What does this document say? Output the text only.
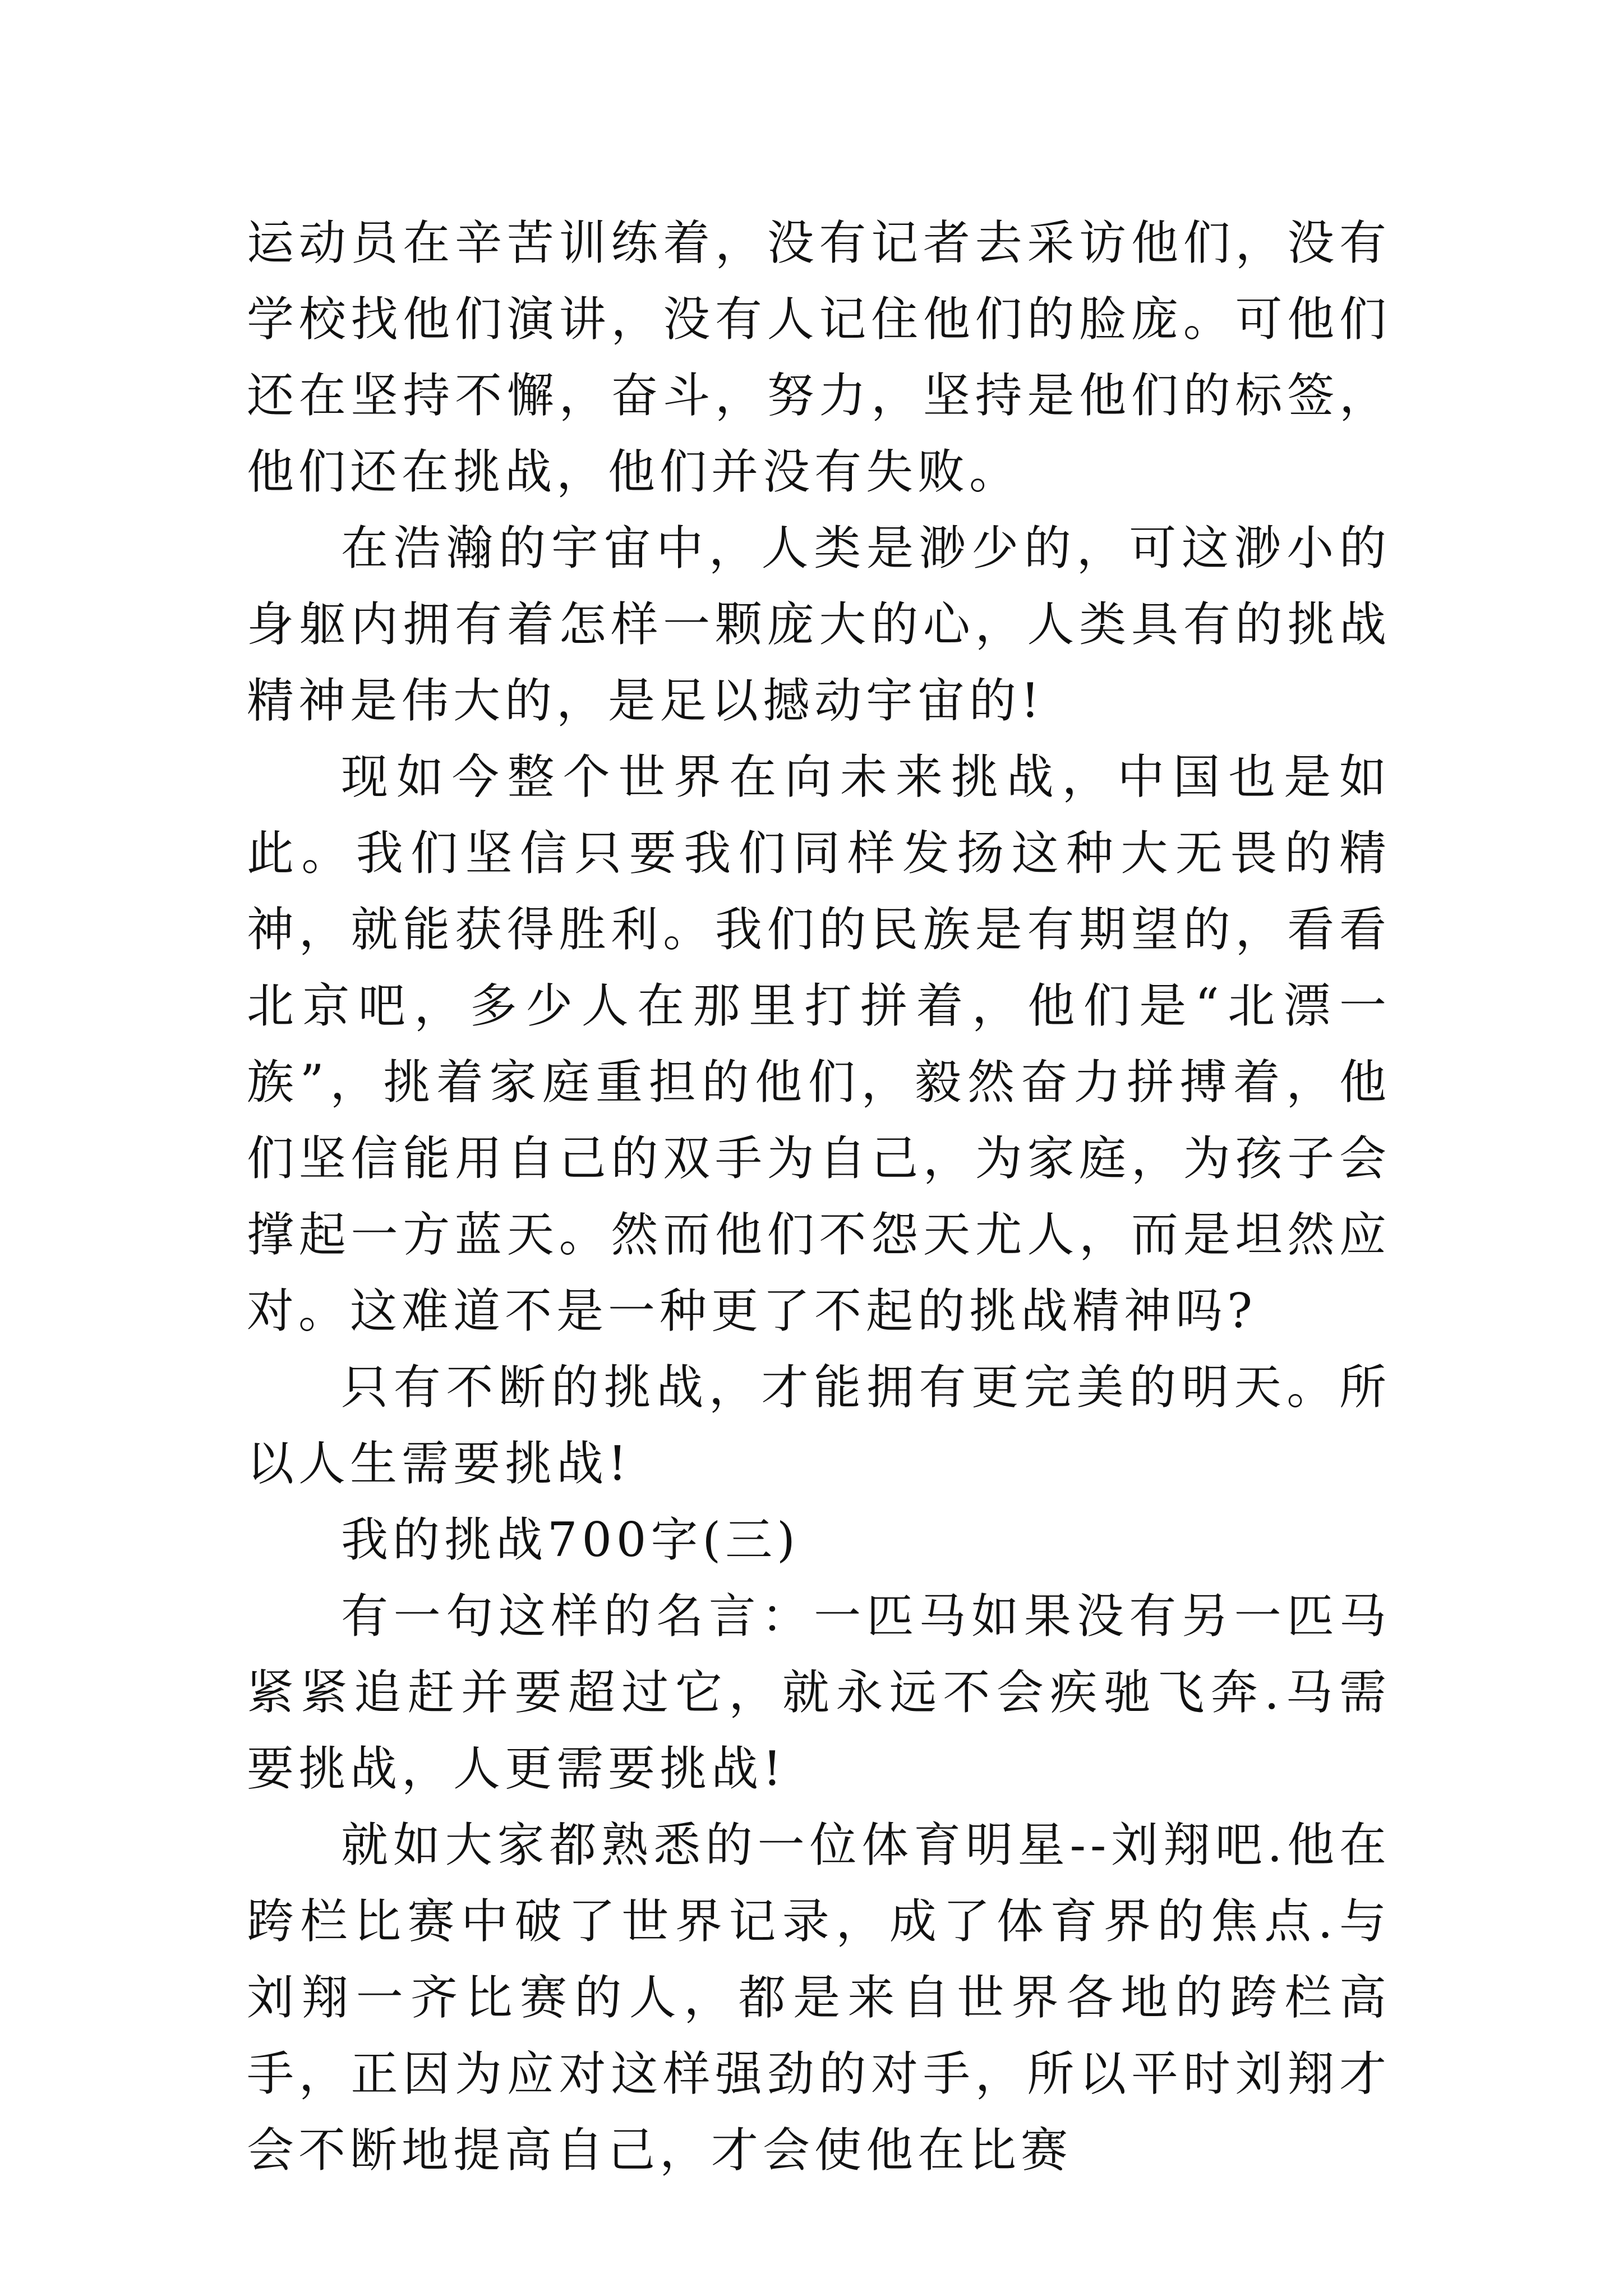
运动员在辛苦训练着，没有记者去采访他们，没有学校找他们演讲，没有人记住他们的脸庞。可他们还在坚持不懈，奋斗，努力，坚持是他们的标签，他们还在挑战，他们并没有失败。

在浩瀚的宇宙中，人类是渺少的，可这渺小的身躯内拥有着怎样一颗庞大的心，人类具有的挑战精神是伟大的，是足以撼动宇宙的!

现如今整个世界在向未来挑战，中国也是如此。我们坚信只要我们同样发扬这种大无畏的精神，就能获得胜利。我们的民族是有期望的，看看北京吧，多少人在那里打拼着，他们是“北漂一族”，挑着家庭重担的他们，毅然奋力拼搏着，他们坚信能用自己的双手为自己，为家庭，为孩子会撑起一方蓝天。然而他们不怨天尤人，而是坦然应对。这难道不是一种更了不起的挑战精神吗?

只有不断的挑战，才能拥有更完美的明天。所以人生需要挑战!

我的挑战700字(三)

有一句这样的名言：一匹马如果没有另一匹马紧紧追赶并要超过它，就永远不会疾驰飞奔.马需要挑战，人更需要挑战!

就如大家都熟悉的一位体育明星--刘翔吧.他在跨栏比赛中破了世界记录，成了体育界的焦点.与刘翔一齐比赛的人，都是来自世界各地的跨栏高手，正因为应对这样强劲的对手，所以平时刘翔才会不断地提高自己，才会使他在比赛
